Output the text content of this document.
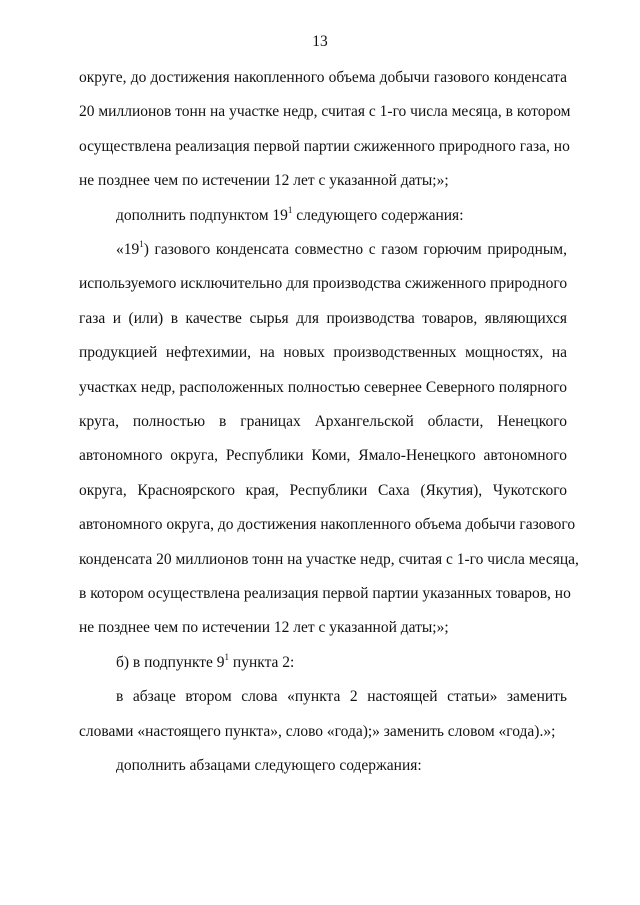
13
округе, до достижения накопленного объема добычи газового конденсата
20 миллионов тонн на участке недр, считая с 1-го числа месяца, в котором
осуществлена реализация первой партии сжиженного природного газа, но
не позднее чем по истечении 12 лет с указанной даты;»;
дополнить подпунктом $19^1$ следующего содержания:
«$19^1$) газового конденсата совместно с газом горючим природным,
используемого исключительно для производства сжиженного природного
газа и (или) в качестве сырья для производства товаров, являющихся
продукцией нефтехимии, на новых производственных мощностях, на
участках недр, расположенных полностью севернее Северного полярного
круга, полностью в границах Архангельской области, Ненецкого
автономного округа, Республики Коми, Ямало-Ненецкого автономного
округа, Красноярского края, Республики Саха (Якутия), Чукотского
автономного округа, до достижения накопленного объема добычи газового
конденсата 20 миллионов тонн на участке недр, считая с 1-го числа месяца,
в котором осуществлена реализация первой партии указанных товаров, но
не позднее чем по истечении 12 лет с указанной даты;»;
б) в подпункте $9^1$ пункта 2:
в абзаце втором слова «пункта 2 настоящей статьи» заменить
словами «настоящего пункта», слово «года);» заменить словом «года).»;
дополнить абзацами следующего содержания:
